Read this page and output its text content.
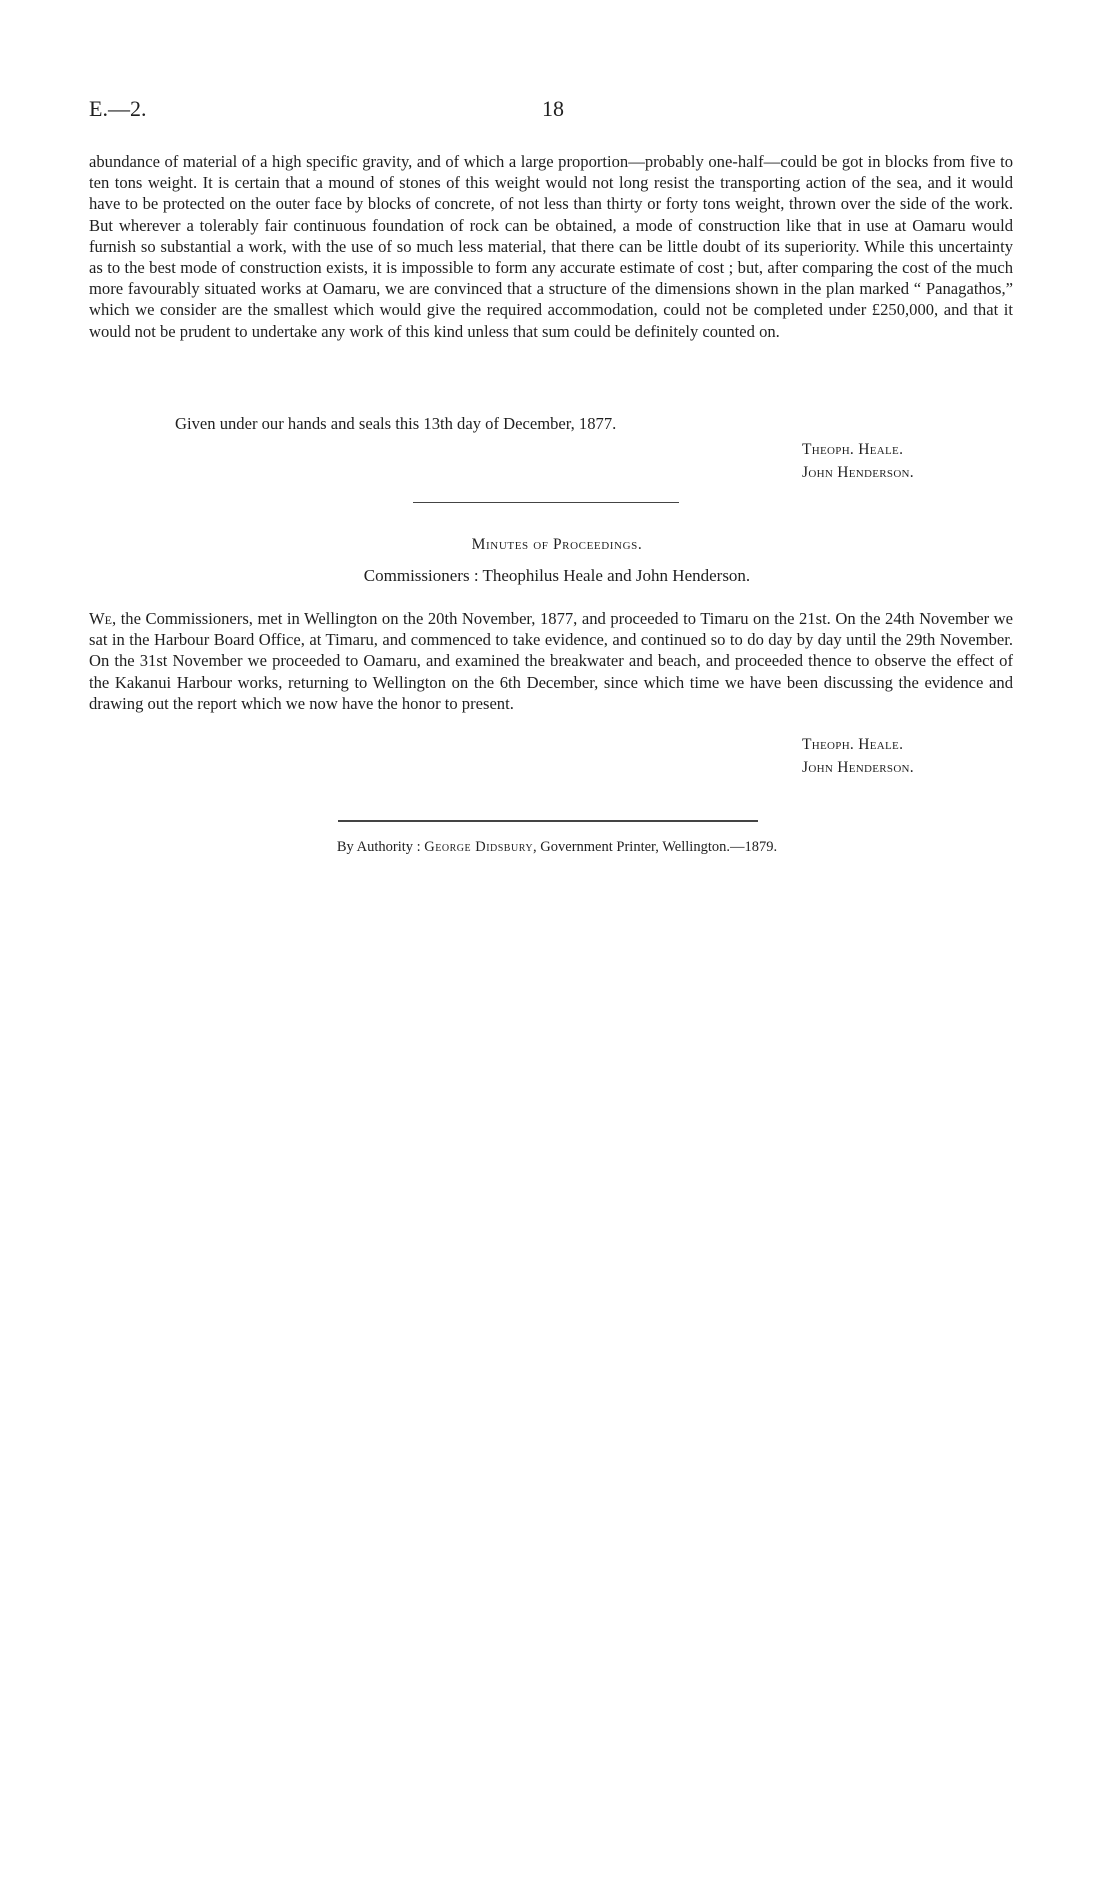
E.—2.	18

abundance of material of a high specific gravity, and of which a large proportion—probably one-half—could be got in blocks from five to ten tons weight. It is certain that a mound of stones of this weight would not long resist the transporting action of the sea, and it would have to be protected on the outer face by blocks of concrete, of not less than thirty or forty tons weight, thrown over the side of the work. But wherever a tolerably fair continuous foundation of rock can be obtained, a mode of construction like that in use at Oamaru would furnish so substantial a work, with the use of so much less material, that there can be little doubt of its superiority. While this uncertainty as to the best mode of construction exists, it is impossible to form any accurate estimate of cost ; but, after comparing the cost of the much more favourably situated works at Oamaru, we are convinced that a structure of the dimensions shown in the plan marked “ Panagathos,” which we consider are the smallest which would give the required accommodation, could not be completed under £250,000, and that it would not be prudent to undertake any work of this kind unless that sum could be definitely counted on.

Given under our hands and seals this 13th day of December, 1877.

Theoph. Heale.
John Henderson.
Minutes of Proceedings.
Commissioners : Theophilus Heale and John Henderson.

We, the Commissioners, met in Wellington on the 20th November, 1877, and proceeded to Timaru on the 21st. On the 24th November we sat in the Harbour Board Office, at Timaru, and commenced to take evidence, and continued so to do day by day until the 29th November. On the 31st November we proceeded to Oamaru, and examined the breakwater and beach, and proceeded thence to observe the effect of the Kakanui Harbour works, returning to Wellington on the 6th December, since which time we have been discussing the evidence and drawing out the report which we now have the honor to present.

Theoph. Heale.
John Henderson.
By Authority : George Didsbury, Government Printer, Wellington.—1879.
